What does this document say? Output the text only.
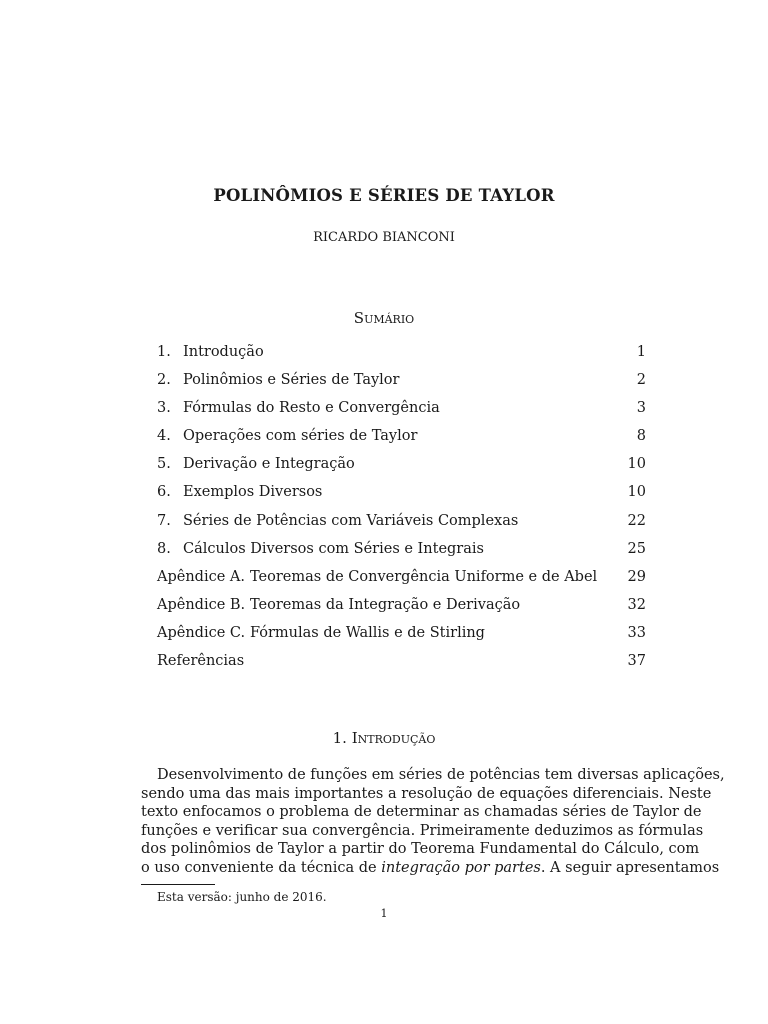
POLINÔMIOS E SÉRIES DE TAYLOR
RICARDO BIANCONI
Sumário
1. Introdução	1
2. Polinômios e Séries de Taylor	2
3. Fórmulas do Resto e Convergência	3
4. Operações com séries de Taylor	8
5. Derivação e Integração	10
6. Exemplos Diversos	10
7. Séries de Potências com Variáveis Complexas	22
8. Cálculos Diversos com Séries e Integrais	25
Apêndice A. Teoremas de Convergência Uniforme e de Abel 29
Apêndice B. Teoremas da Integração e Derivação	32
Apêndice C. Fórmulas de Wallis e de Stirling	33
Referências	37
1. Introdução

Desenvolvimento de funções em séries de potências tem diversas aplicações,
sendo uma das mais importantes a resolução de equações diferenciais. Neste
texto enfocamos o problema de determinar as chamadas séries de Taylor de
funções e verificar sua convergência. Primeiramente deduzimos as fórmulas
dos polinômios de Taylor a partir do Teorema Fundamental do Cálculo, com
o uso conveniente da técnica de integração por partes. A seguir apresentamos

Esta versão: junho de 2016.
1
